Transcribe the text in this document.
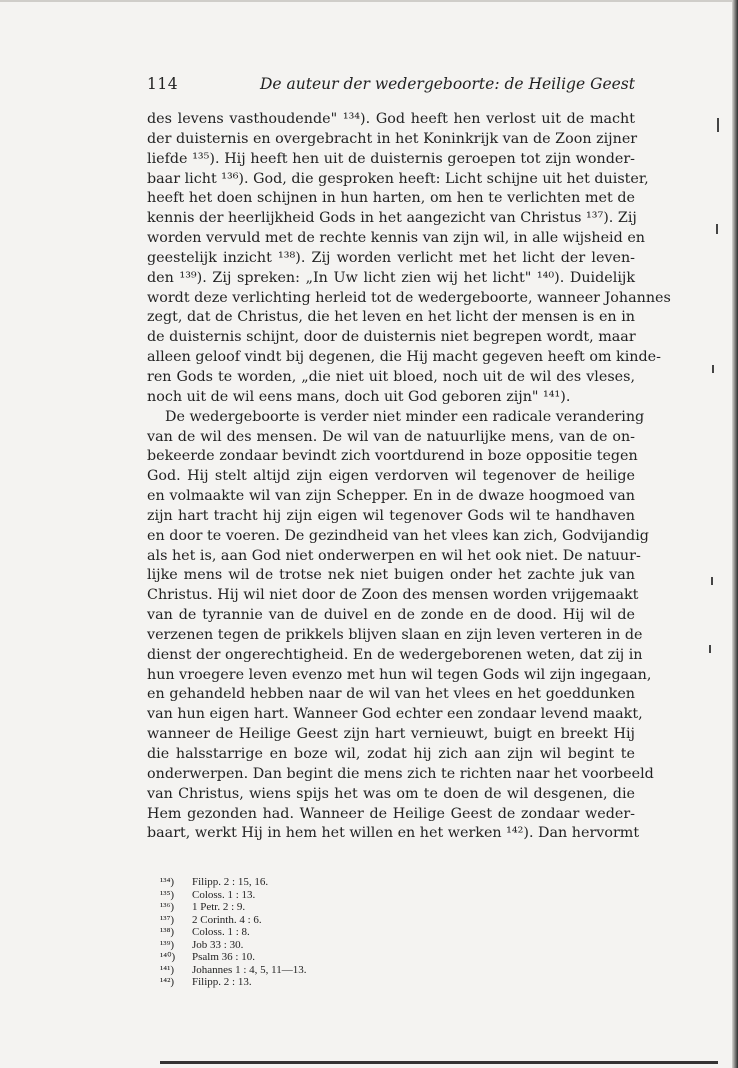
114	De auteur der wedergeboorte: de Heilige Geest
des levens vasthoudende" ¹³⁴). God heeft hen verlost uit de macht
der duisternis en overgebracht in het Koninkrijk van de Zoon zijner
liefde ¹³⁵). Hij heeft hen uit de duisternis geroepen tot zijn wonder-
baar licht ¹³⁶). God, die gesproken heeft: Licht schijne uit het duister,
heeft het doen schijnen in hun harten, om hen te verlichten met de
kennis der heerlijkheid Gods in het aangezicht van Christus ¹³⁷). Zij
worden vervuld met de rechte kennis van zijn wil, in alle wijsheid en
geestelijk inzicht ¹³⁸). Zij worden verlicht met het licht der leven-
den ¹³⁹). Zij spreken: „In Uw licht zien wij het licht" ¹⁴⁰). Duidelijk
wordt deze verlichting herleid tot de wedergeboorte, wanneer Johannes
zegt, dat de Christus, die het leven en het licht der mensen is en in
de duisternis schijnt, door de duisternis niet begrepen wordt, maar
alleen geloof vindt bij degenen, die Hij macht gegeven heeft om kinde-
ren Gods te worden, „die niet uit bloed, noch uit de wil des vleses,
noch uit de wil eens mans, doch uit God geboren zijn" ¹⁴¹).
De wedergeboorte is verder niet minder een radicale verandering
van de wil des mensen. De wil van de natuurlijke mens, van de on-
bekeerde zondaar bevindt zich voortdurend in boze oppositie tegen
God. Hij stelt altijd zijn eigen verdorven wil tegenover de heilige
en volmaakte wil van zijn Schepper. En in de dwaze hoogmoed van
zijn hart tracht hij zijn eigen wil tegenover Gods wil te handhaven
en door te voeren. De gezindheid van het vlees kan zich, Godvijandig
als het is, aan God niet onderwerpen en wil het ook niet. De natuur-
lijke mens wil de trotse nek niet buigen onder het zachte juk van
Christus. Hij wil niet door de Zoon des mensen worden vrijgemaakt
van de tyrannie van de duivel en de zonde en de dood. Hij wil de
verzenen tegen de prikkels blijven slaan en zijn leven verteren in de
dienst der ongerechtigheid. En de wedergeborenen weten, dat zij in
hun vroegere leven evenzo met hun wil tegen Gods wil zijn ingegaan,
en gehandeld hebben naar de wil van het vlees en het goeddunken
van hun eigen hart. Wanneer God echter een zondaar levend maakt,
wanneer de Heilige Geest zijn hart vernieuwt, buigt en breekt Hij
die halsstarrige en boze wil, zodat hij zich aan zijn wil begint te
onderwerpen. Dan begint die mens zich te richten naar het voorbeeld
van Christus, wiens spijs het was om te doen de wil desgenen, die
Hem gezonden had. Wanneer de Heilige Geest de zondaar weder-
baart, werkt Hij in hem het willen en het werken ¹⁴²). Dan hervormt
¹³⁴) Filipp. 2 : 15, 16.
¹³⁵) Coloss. 1 : 13.
¹³⁶) 1 Petr. 2 : 9.
¹³⁷) 2 Corinth. 4 : 6.
¹³⁸) Coloss. 1 : 8.
¹³⁹) Job 33 : 30.
¹⁴⁰) Psalm 36 : 10.
¹⁴¹) Johannes 1 : 4, 5, 11—13.
¹⁴²) Filipp. 2 : 13.
